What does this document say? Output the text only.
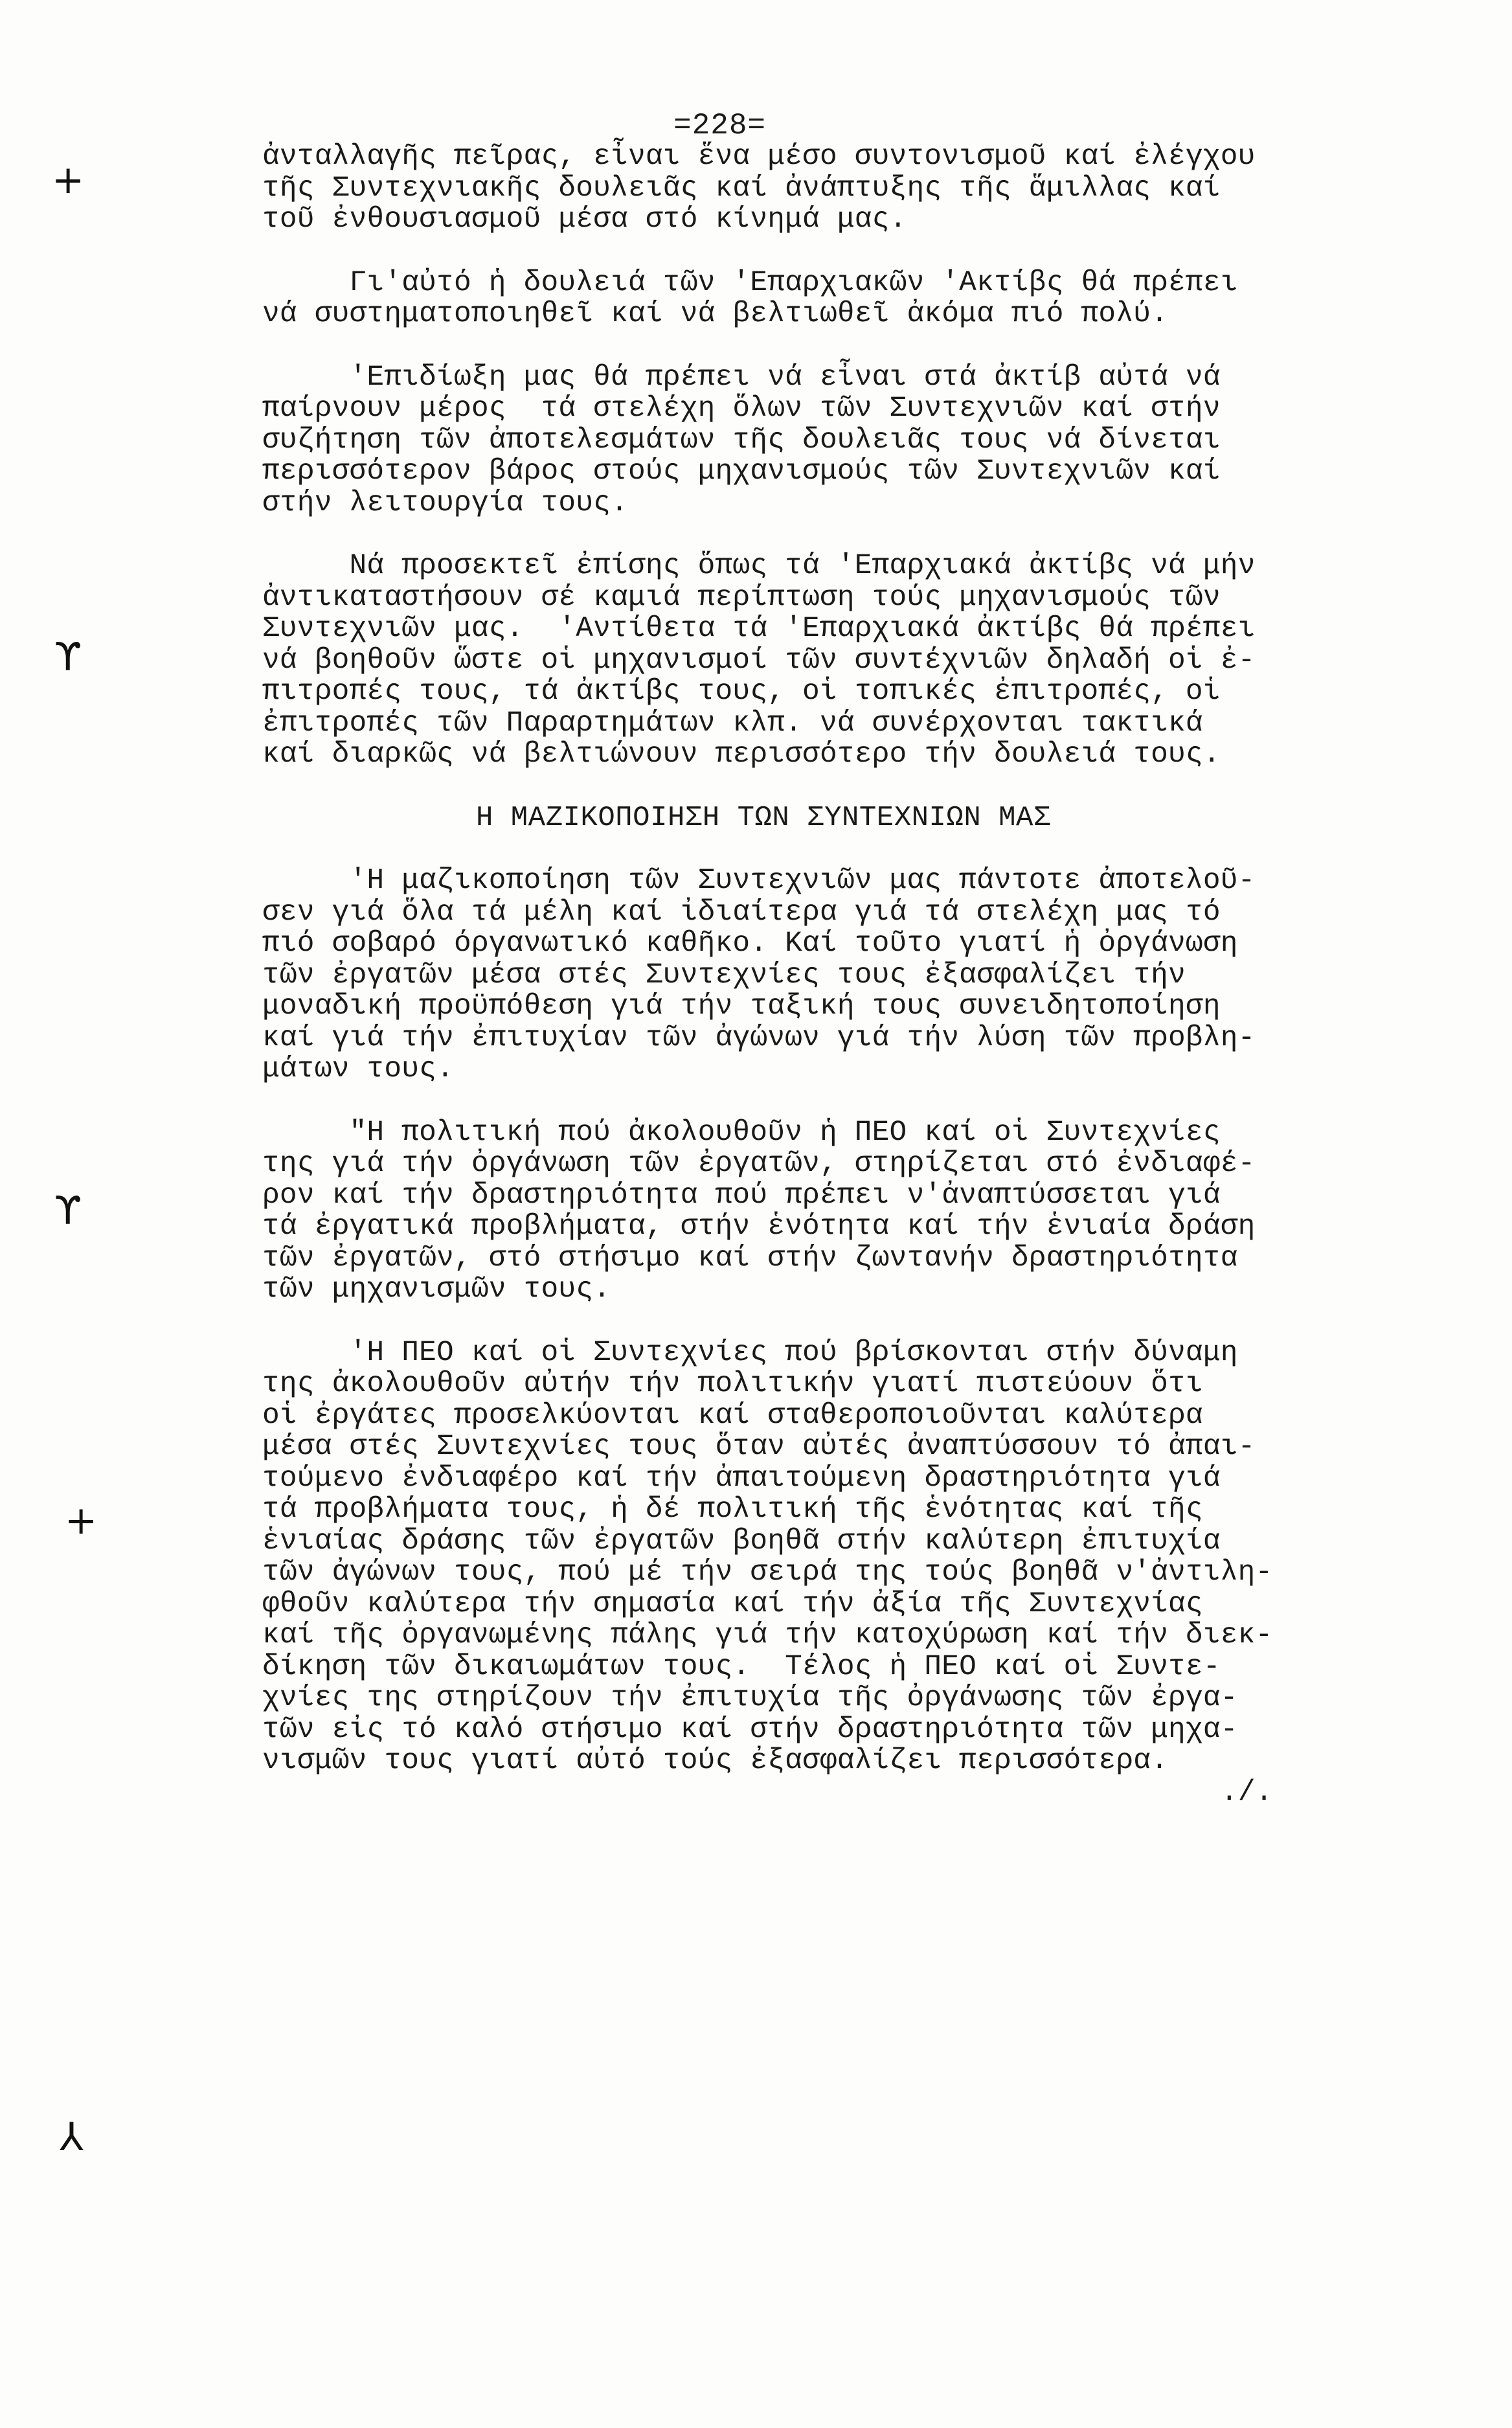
=228=
+
ϒ
ϒ
+
⅄
ἀνταλλαγῆς πεῖρας, εἶναι ἕνα μέσο συντονισμοῦ καί ἐλέγχου
τῆς Συντεχνιακῆς δουλειᾶς καί ἀνάπτυξης τῆς ἅμιλλας καί
τοῦ ἐνθουσιασμοῦ μέσα στό κίνημά μας.
Γι'αὐτό ἡ δουλειά τῶν 'Επαρχιακῶν 'Ακτίβς θά πρέπει
νά συστηματοποιηθεῖ καί νά βελτιωθεῖ ἀκόμα πιό πολύ.
'Επιδίωξη μας θά πρέπει νά εἶναι στά ἀκτίβ αὐτά νά
παίρνουν μέρος  τά στελέχη ὅλων τῶν Συντεχνιῶν καί στήν
συζήτηση τῶν ἀποτελεσμάτων τῆς δουλειᾶς τους νά δίνεται
περισσότερον βάρος στούς μηχανισμούς τῶν Συντεχνιῶν καί
στήν λειτουργία τους.
Νά προσεκτεῖ ἐπίσης ὅπως τά 'Επαρχιακά ἀκτίβς νά μήν
ἀντικαταστήσουν σέ καμιά περίπτωση τούς μηχανισμούς τῶν
Συντεχνιῶν μας.  'Αντίθετα τά 'Επαρχιακά ἀκτίβς θά πρέπει
νά βοηθοῦν ὥστε οἱ μηχανισμοί τῶν συντέχνιῶν δηλαδή οἱ ἐ-
πιτροπές τους, τά ἀκτίβς τους, οἱ τοπικές ἐπιτροπές, οἱ
ἐπιτροπές τῶν Παραρτημάτων κλπ. νά συνέρχονται τακτικά
καί διαρκῶς νά βελτιώνουν περισσότερο τήν δουλειά τους.
Η ΜΑΖΙΚΟΠΟΙΗΣΗ ΤΩΝ ΣΥΝΤΕΧΝΙΩΝ ΜΑΣ
'Η μαζικοποίηση τῶν Συντεχνιῶν μας πάντοτε ἀποτελοῦ-
σεν γιά ὅλα τά μέλη καί ἰδιαίτερα γιά τά στελέχη μας τό
πιό σοβαρό όργανωτικό καθῆκο. Καί τοῦτο γιατί ἡ ὀργάνωση
τῶν ἐργατῶν μέσα στές Συντεχνίες τους ἐξασφαλίζει τήν
μοναδική προϋπόθεση γιά τήν ταξική τους συνειδητοποίηση
καί γιά τήν ἐπιτυχίαν τῶν ἀγώνων γιά τήν λύση τῶν προβλη-
μάτων τους.
"Η πολιτική πού ἀκολουθοῦν ἡ ΠΕΟ καί οἱ Συντεχνίες
της γιά τήν ὀργάνωση τῶν ἐργατῶν, στηρίζεται στό ἐνδιαφέ-
ρον καί τήν δραστηριότητα πού πρέπει ν'ἀναπτύσσεται γιά
τά ἐργατικά προβλήματα, στήν ἑνότητα καί τήν ἑνιαία δράση
τῶν ἐργατῶν, στό στήσιμο καί στήν ζωντανήν δραστηριότητα
τῶν μηχανισμῶν τους.
'Η ΠΕΟ καί οἱ Συντεχνίες πού βρίσκονται στήν δύναμη
της ἀκολουθοῦν αὐτήν τήν πολιτικήν γιατί πιστεύουν ὅτι
οἱ ἐργάτες προσελκύονται καί σταθεροποιοῦνται καλύτερα
μέσα στές Συντεχνίες τους ὅταν αὐτές ἀναπτύσσουν τό ἀπαι-
τούμενο ἐνδιαφέρο καί τήν ἀπαιτούμενη δραστηριότητα γιά
τά προβλήματα τους, ἡ δέ πολιτική τῆς ἑνότητας καί τῆς
ἑνιαίας δράσης τῶν ἐργατῶν βοηθᾶ στήν καλύτερη ἐπιτυχία
τῶν ἀγώνων τους, πού μέ τήν σειρά της τούς βοηθᾶ ν'ἀντιλη-
φθοῦν καλύτερα τήν σημασία καί τήν ἀξία τῆς Συντεχνίας
καί τῆς ὀργανωμένης πάλης γιά τήν κατοχύρωση καί τήν διεκ-
δίκηση τῶν δικαιωμάτων τους.  Τέλος ἡ ΠΕΟ καί οἱ Συντε-
χνίες της στηρίζουν τήν ἐπιτυχία τῆς ὀργάνωσης τῶν ἐργα-
τῶν εἰς τό καλό στήσιμο καί στήν δραστηριότητα τῶν μηχα-
νισμῶν τους γιατί αὐτό τούς ἐξασφαλίζει περισσότερα.
./.
